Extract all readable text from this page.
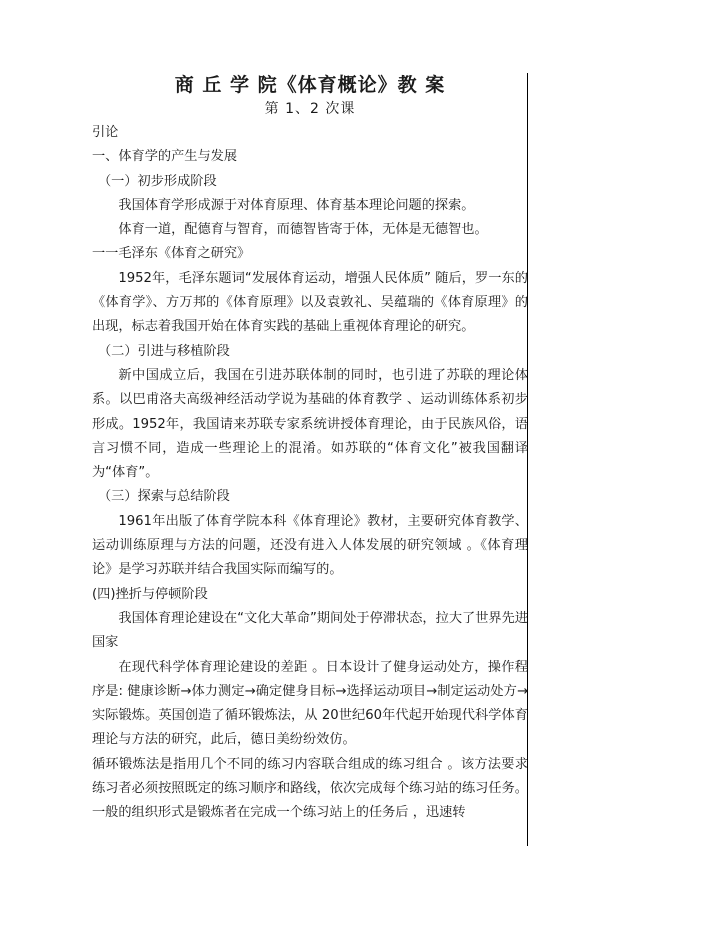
商 丘 学 院《体育概论》教 案
第 1、2 次课

引论

一、体育学的产生与发展

（一）初步形成阶段

我国体育学形成源于对体育原理、体育基本理论问题的探索。

体育一道，配德育与智育，而德智皆寄于体，无体是无德智也。

一一毛泽东《体育之研究》

1952年，毛泽东题词“发展体育运动，增强人民体质” 随后，罗一东的《体育学》、方万邦的《体育原理》以及袁敦礼、吴蕴瑞的《体育原理》的出现，标志着我国开始在体育实践的基础上重视体育理论的研究。

（二）引进与移植阶段

新中国成立后，我国在引进苏联体制的同时，也引进了苏联的理论体系。以巴甫洛夫高级神经活动学说为基础的体育教学 、运动训练体系初步形成。1952年，我国请来苏联专家系统讲授体育理论，由于民族风俗，语言习惯不同，造成一些理论上的混淆。如苏联的“体育文化”被我国翻译为“体育”。

（三）探索与总结阶段

1961年出版了体育学院本科《体育理论》教材，主要研究体育教学、运动训练原理与方法的问题，还没有进入人体发展的研究领域 。《体育理论》是学习苏联并结合我国实际而编写的。

(四)挫折与停顿阶段

我国体育理论建设在“文化大革命”期间处于停滞状态，拉大了世界先进国家

在现代科学体育理论建设的差距 。日本设计了健身运动处方，操作程序是: 健康诊断→体力测定→确定健身目标→选择运动项目→制定运动处方→实际锻炼。英国创造了循环锻炼法，从 20世纪60年代起开始现代科学体育理论与方法的研究，此后，德日美纷纷效仿。

循环锻炼法是指用几个不同的练习内容联合组成的练习组合 。该方法要求练习者必须按照既定的练习顺序和路线，依次完成每个练习站的练习任务。一般的组织形式是锻炼者在完成一个练习站上的任务后 ，迅速转
